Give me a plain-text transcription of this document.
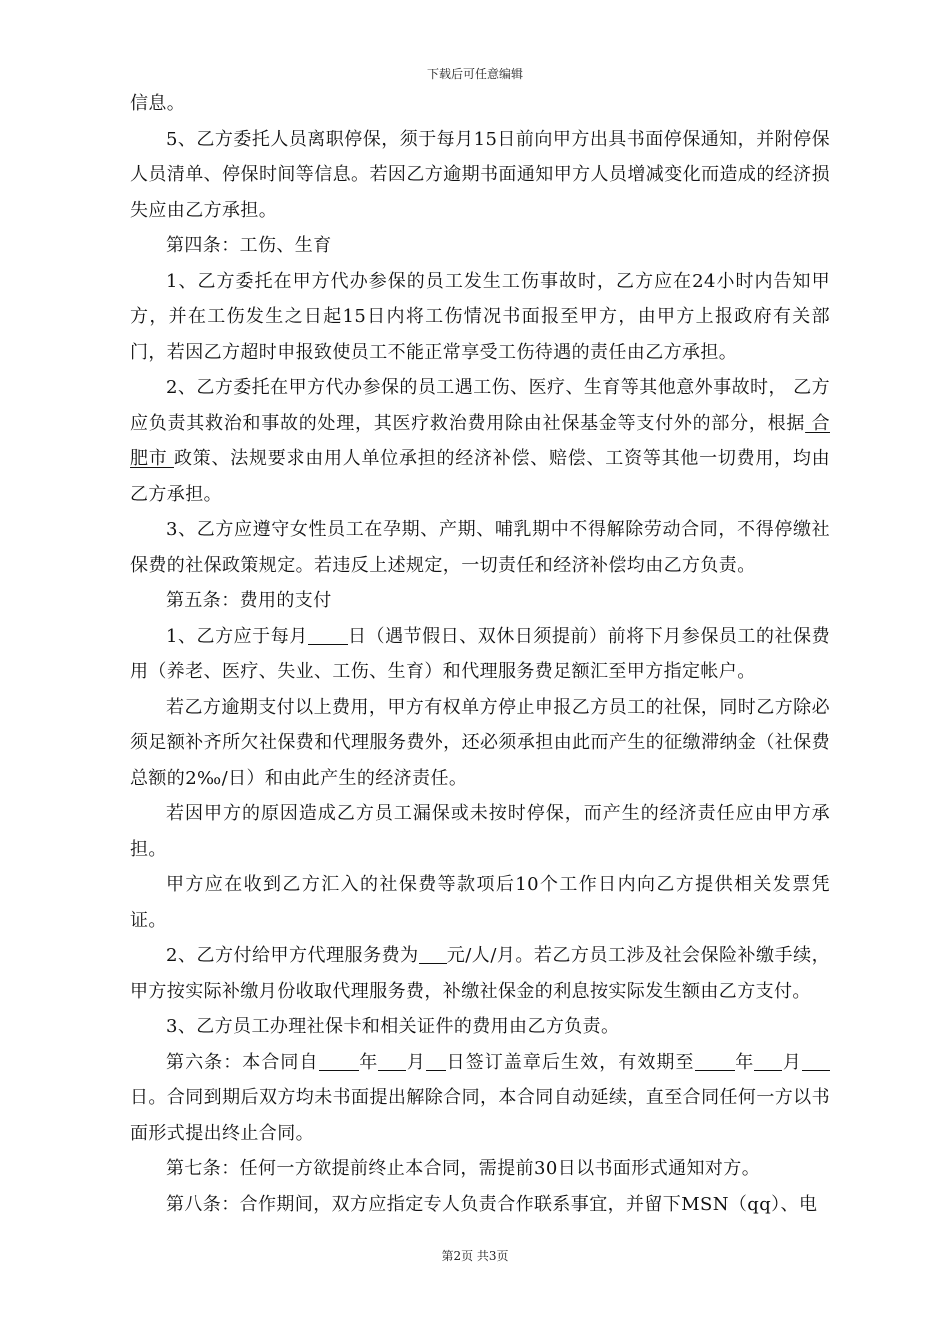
下载后可任意编辑

信息。

5、乙方委托人员离职停保，须于每月15日前向甲方出具书面停保通知，并附停保人员清单、停保时间等信息。若因乙方逾期书面通知甲方人员增减变化而造成的经济损失应由乙方承担。

第四条：工伤、生育

1、乙方委托在甲方代办参保的员工发生工伤事故时，乙方应在24小时内告知甲方，并在工伤发生之日起15日内将工伤情况书面报至甲方，由甲方上报政府有关部门，若因乙方超时申报致使员工不能正常享受工伤待遇的责任由乙方承担。

2、乙方委托在甲方代办参保的员工遇工伤、医疗、生育等其他意外事故时， 乙方应负责其救治和事故的处理，其医疗救治费用除由社保基金等支付外的部分，根据 合肥市 政策、法规要求由用人单位承担的经济补偿、赔偿、工资等其他一切费用，均由乙方承担。

3、乙方应遵守女性员工在孕期、产期、哺乳期中不得解除劳动合同，不得停缴社保费的社保政策规定。若违反上述规定，一切责任和经济补偿均由乙方负责。

第五条：费用的支付

1、乙方应于每月 日（遇节假日、双休日须提前）前将下月参保员工的社保费用（养老、医疗、失业、工伤、生育）和代理服务费足额汇至甲方指定帐户。

若乙方逾期支付以上费用，甲方有权单方停止申报乙方员工的社保，同时乙方除必须足额补齐所欠社保费和代理服务费外，还必须承担由此而产生的征缴滞纳金（社保费总额的2‰/日）和由此产生的经济责任。

若因甲方的原因造成乙方员工漏保或未按时停保，而产生的经济责任应由甲方承担。

甲方应在收到乙方汇入的社保费等款项后10个工作日内向乙方提供相关发票凭证。

2、乙方付给甲方代理服务费为 元/人/月。若乙方员工涉及社会保险补缴手续，甲方按实际补缴月份收取代理服务费，补缴社保金的利息按实际发生额由乙方支付。

3、乙方员工办理社保卡和相关证件的费用由乙方负责。

第六条：本合同自 年 月 日签订盖章后生效，有效期至 年 月日。合同到期后双方均未书面提出解除合同，本合同自动延续，直至合同任何一方以书面形式提出终止合同。

第七条：任何一方欲提前终止本合同，需提前30日以书面形式通知对方。

第八条：合作期间，双方应指定专人负责合作联系事宜，并留下MSN（qq）、电

第2页 共3页
